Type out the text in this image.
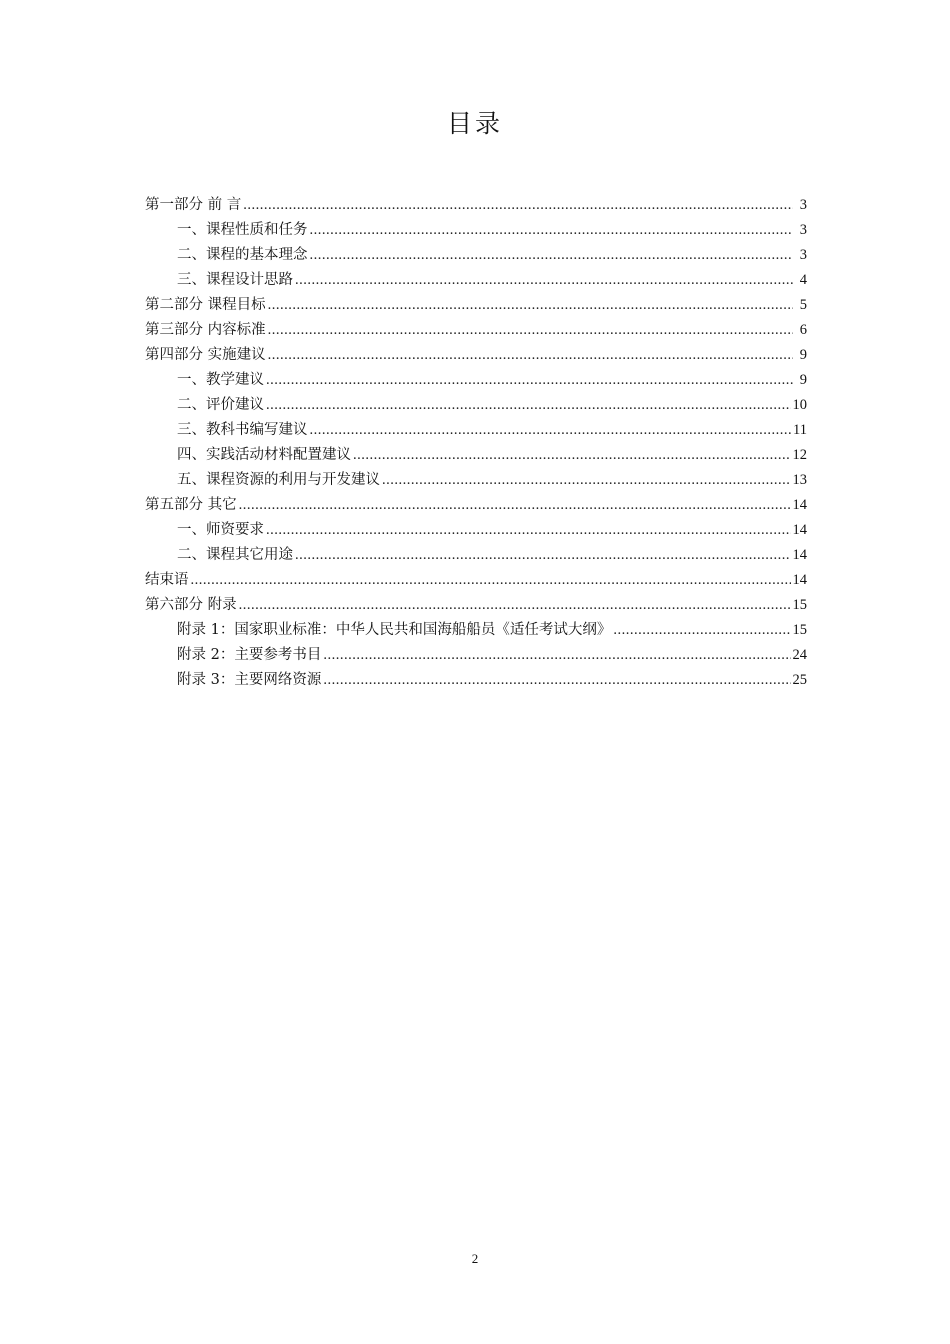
目录
第一部分 前 言 .....	3
一、课程性质和任务 .....	3
二、课程的基本理念 .....	3
三、课程设计思路 .....	4
第二部分 课程目标 .....	5
第三部分 内容标准 .....	6
第四部分 实施建议 .....	9
一、教学建议 .....	9
二、评价建议 .....	10
三、教科书编写建议 .....	11
四、实践活动材料配置建议 .....	12
五、课程资源的利用与开发建议 .....	13
第五部分 其它 .....	14
一、师资要求 .....	14
二、课程其它用途 .....	14
结束语 .....	14
第六部分 附录 .....	15
附录 1：国家职业标准：中华人民共和国海船船员《适任考试大纲》 .....	15
附录 2：主要参考书目 .....	24
附录 3：主要网络资源 .....	25
2
